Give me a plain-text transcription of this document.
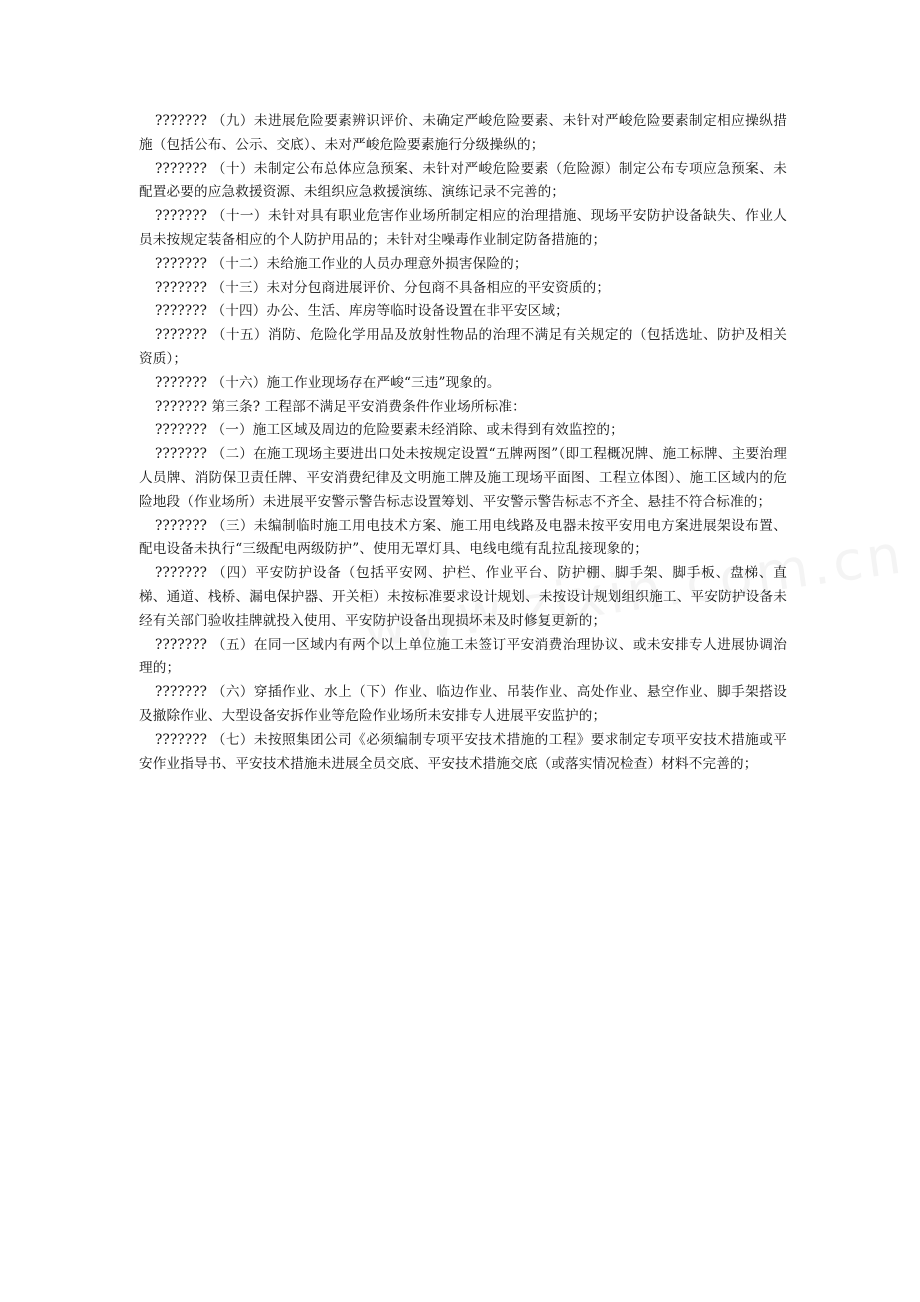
??????? （九）未进展危险要素辨识评价、未确定严峻危险要素、未针对严峻危险要素制定相应操纵措施（包括公布、公示、交底）、未对严峻危险要素施行分级操纵的；

??????? （十）未制定公布总体应急预案、未针对严峻危险要素（危险源）制定公布专项应急预案、未配置必要的应急救援资源、未组织应急救援演练、演练记录不完善的；

??????? （十一）未针对具有职业危害作业场所制定相应的治理措施、现场平安防护设备缺失、作业人员未按规定装备相应的个人防护用品的；未针对尘噪毒作业制定防备措施的；

??????? （十二）未给施工作业的人员办理意外损害保险的；

??????? （十三）未对分包商进展评价、分包商不具备相应的平安资质的；

??????? （十四）办公、生活、库房等临时设备设置在非平安区域；

??????? （十五）消防、危险化学用品及放射性物品的治理不满足有关规定的（包括选址、防护及相关资质）；

??????? （十六）施工作业现场存在严峻“三违”现象的。

??????? 第三条? 工程部不满足平安消费条件作业场所标准：

??????? （一）施工区域及周边的危险要素未经消除、或未得到有效监控的；

??????? （二）在施工现场主要进出口处未按规定设置“五牌两图”（即工程概况牌、施工标牌、主要治理人员牌、消防保卫责任牌、平安消费纪律及文明施工牌及施工现场平面图、工程立体图）、施工区域内的危险地段（作业场所）未进展平安警示警告标志设置筹划、平安警示警告标志不齐全、悬挂不符合标准的；

??????? （三）未编制临时施工用电技术方案、施工用电线路及电器未按平安用电方案进展架设布置、配电设备未执行“三级配电两级防护”、使用无罩灯具、电线电缆有乱拉乱接现象的；

??????? （四）平安防护设备（包括平安网、护栏、作业平台、防护棚、脚手架、脚手板、盘梯、直梯、通道、栈桥、漏电保护器、开关柜）未按标准要求设计规划、未按设计规划组织施工、平安防护设备未经有关部门验收挂牌就投入使用、平安防护设备出现损坏未及时修复更新的；

??????? （五）在同一区域内有两个以上单位施工未签订平安消费治理协议、或未安排专人进展协调治理的；

??????? （六）穿插作业、水上（下）作业、临边作业、吊装作业、高处作业、悬空作业、脚手架搭设及撤除作业、大型设备安拆作业等危险作业场所未安排专人进展平安监护的；

??????? （七）未按照集团公司《必须编制专项平安技术措施的工程》要求制定专项平安技术措施或平安作业指导书、平安技术措施未进展全员交底、平安技术措施交底（或落实情况检查）材料不完善的；
